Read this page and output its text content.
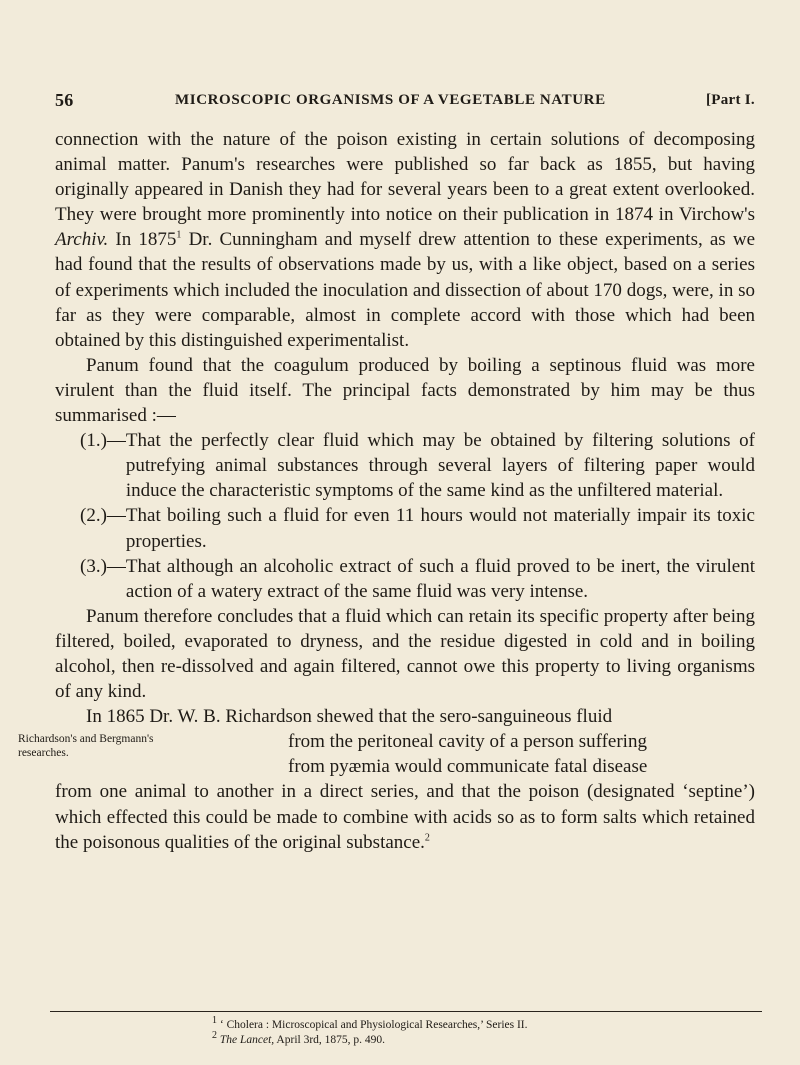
56	MICROSCOPIC ORGANISMS OF A VEGETABLE NATURE	[Part I.

connection with the nature of the poison existing in certain solutions of decomposing animal matter. Panum's researches were published so far back as 1855, but having originally appeared in Danish they had for several years been to a great extent overlooked. They were brought more prominently into notice on their publication in 1874 in Virchow's Archiv. In 1875$^1$ Dr. Cunningham and myself drew attention to these experiments, as we had found that the results of observations made by us, with a like object, based on a series of experiments which included the inoculation and dissection of about 170 dogs, were, in so far as they were comparable, almost in complete accord with those which had been obtained by this distinguished experimentalist.

Panum found that the coagulum produced by boiling a septinous fluid was more virulent than the fluid itself. The principal facts demonstrated by him may be thus summarised :—

(1.)— That the perfectly clear fluid which may be obtained by filtering solutions of putrefying animal substances through several layers of filtering paper would induce the characteristic symptoms of the same kind as the unfiltered material.
(2.)— That boiling such a fluid for even 11 hours would not materially impair its toxic properties.
(3.)— That although an alcoholic extract of such a fluid proved to be inert, the virulent action of a watery extract of the same fluid was very intense.

Panum therefore concludes that a fluid which can retain its specific property after being filtered, boiled, evaporated to dryness, and the residue digested in cold and in boiling alcohol, then re-dissolved and again filtered, cannot owe this property to living organisms of any kind.

In 1865 Dr. W. B. Richardson shewed that the sero-sanguineous fluid

Richardson's and Bergmann's researches.
from the peritoneal cavity of a person suffering
from pyæmia would communicate fatal disease

from one animal to another in a direct series, and that the poison (designated ‘septine’) which effected this could be made to combine with acids so as to form salts which retained the poisonous qualities of the original substance.$^2$

$^1$ ‘ Cholera : Microscopical and Physiological Researches,’ Series II.
$^2$ The Lancet, April 3rd, 1875, p. 490.
